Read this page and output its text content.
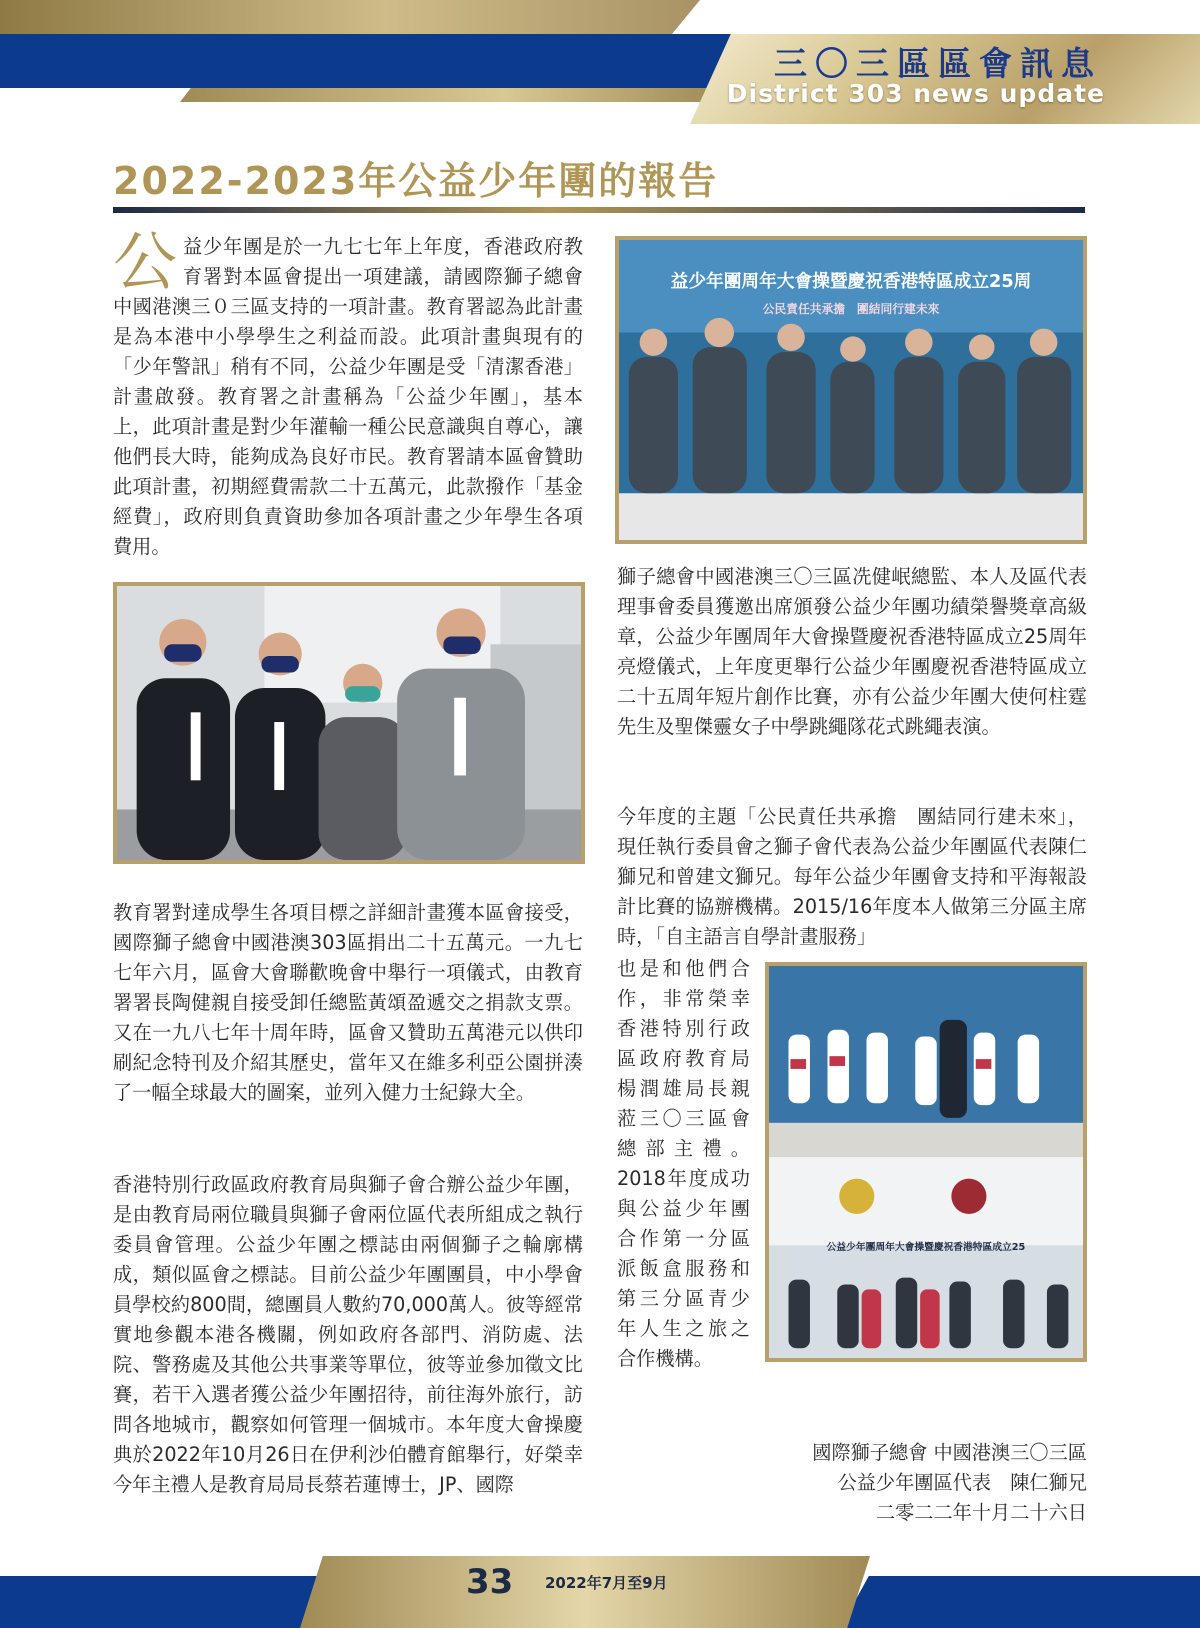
三〇三區區會訊息
District 303 news update
2022-2023年公益少年團的報告

公益少年團是於一九七七年上年度，香港政府教育署對本區會提出一項建議，請國際獅子總會中國港澳三０三區支持的一項計畫。教育署認為此計畫是為本港中小學學生之利益而設。此項計畫與現有的「少年警訊」稍有不同，公益少年團是受「清潔香港」計畫啟發。教育署之計畫稱為「公益少年團」，基本上，此項計畫是對少年灌輸一種公民意識與自尊心，讓他們長大時，能夠成為良好市民。教育署請本區會贊助此項計畫，初期經費需款二十五萬元，此款撥作「基金經費」，政府則負責資助參加各項計畫之少年學生各項費用。

教育署對達成學生各項目標之詳細計畫獲本區會接受，國際獅子總會中國港澳303區捐出二十五萬元。一九七七年六月，區會大會聯歡晚會中舉行一項儀式，由教育署署長陶健親自接受卸任總監黃頌盈遞交之捐款支票。又在一九八七年十周年時，區會又贊助五萬港元以供印刷紀念特刊及介紹其歷史，當年又在維多利亞公園拼湊了一幅全球最大的圖案，並列入健力士紀錄大全。

香港特別行政區政府教育局與獅子會合辦公益少年團，是由教育局兩位職員與獅子會兩位區代表所組成之執行委員會管理。公益少年團之標誌由兩個獅子之輪廓構成，類似區會之標誌。目前公益少年團團員，中小學會員學校約800間，總團員人數約70,000萬人。彼等經常實地參觀本港各機關，例如政府各部門、消防處、法院、警務處及其他公共事業等單位，彼等並參加徵文比賽，若干入選者獲公益少年團招待，前往海外旅行，訪問各地城市，觀察如何管理一個城市。本年度大會操慶典於2022年10月26日在伊利沙伯體育館舉行，好榮幸今年主禮人是教育局局長蔡若蓮博士，JP、國際

益少年團周年大會操暨慶祝香港特區成立25周
公民責任共承擔　團結同行建未來

獅子總會中國港澳三〇三區冼健岷總監、本人及區代表理事會委員獲邀出席頒發公益少年團功績榮譽獎章高級章，公益少年團周年大會操暨慶祝香港特區成立25周年亮燈儀式，上年度更舉行公益少年團慶祝香港特區成立二十五周年短片創作比賽，亦有公益少年團大使何柱霆先生及聖傑靈女子中學跳繩隊花式跳繩表演。

今年度的主題「公民責任共承擔　團結同行建未來」，現任執行委員會之獅子會代表為公益少年團區代表陳仁獅兄和曾建文獅兄。每年公益少年團會支持和平海報設計比賽的協辦機構。2015/16年度本人做第三分區主席時，「自主語言自學計畫服務」

也是和他們合作，非常榮幸香港特別行政區政府教育局楊潤雄局長親蒞三〇三區會總部主禮。2018年度成功與公益少年團合作第一分區派飯盒服務和第三分區青少年人生之旅之合作機構。

公益少年團周年大會操暨慶祝香港特區成立25
國際獅子總會 中國港澳三〇三區
公益少年團區代表　陳仁獅兄
二零二二年十月二十六日
33	2022年7月至9月
